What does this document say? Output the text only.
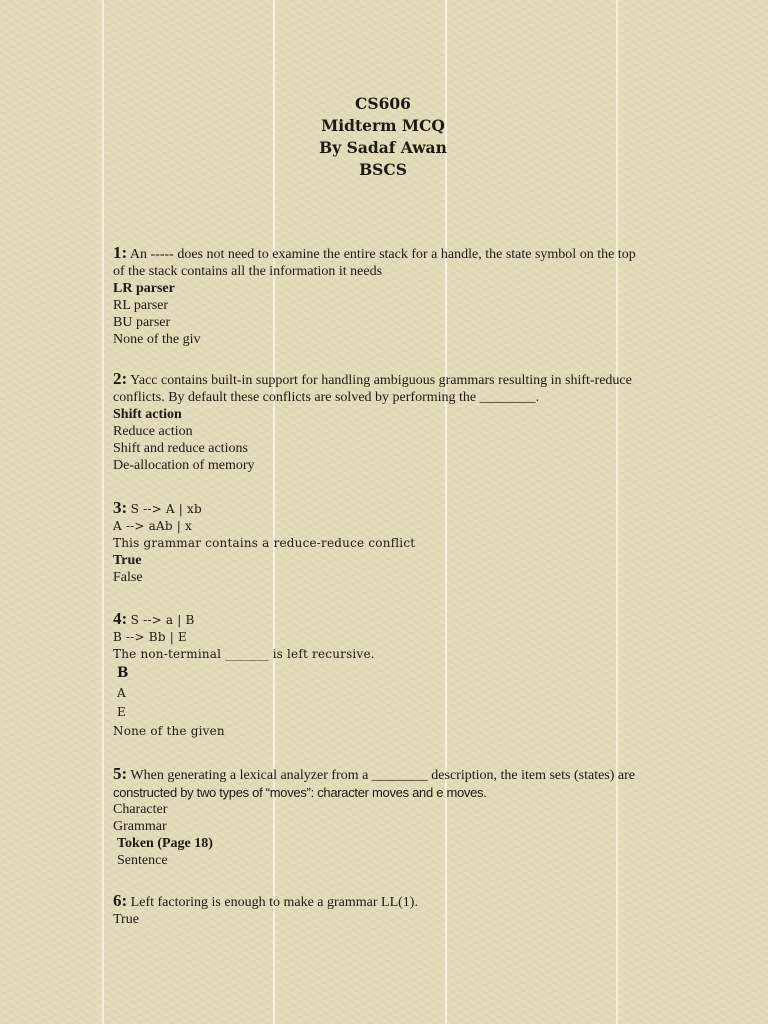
CS606
Midterm MCQ
By Sadaf Awan
BSCS
1: An ----- does not need to examine the entire stack for a handle, the state symbol on the top
of the stack contains all the information it needs
LR parser
RL parser
BU parser
None of the giv
2: Yacc contains built-in support for handling ambiguous grammars resulting in shift-reduce
conflicts. By default these conflicts are solved by performing the ________.
Shift action
Reduce action
Shift and reduce actions
De-allocation of memory
3: S --> A | xb
A --> aAb | x
This grammar contains a reduce-reduce conflict
True
False
4: S --> a | B
B --> Bb | E
The non-terminal _______ is left recursive.
B
A
E
None of the given
5: When generating a lexical analyzer from a ________ description, the item sets (states) are
constructed by two types of “moves”: character moves and e moves.
Character
Grammar
Token (Page 18)
Sentence
6: Left factoring is enough to make a grammar LL(1).
True
